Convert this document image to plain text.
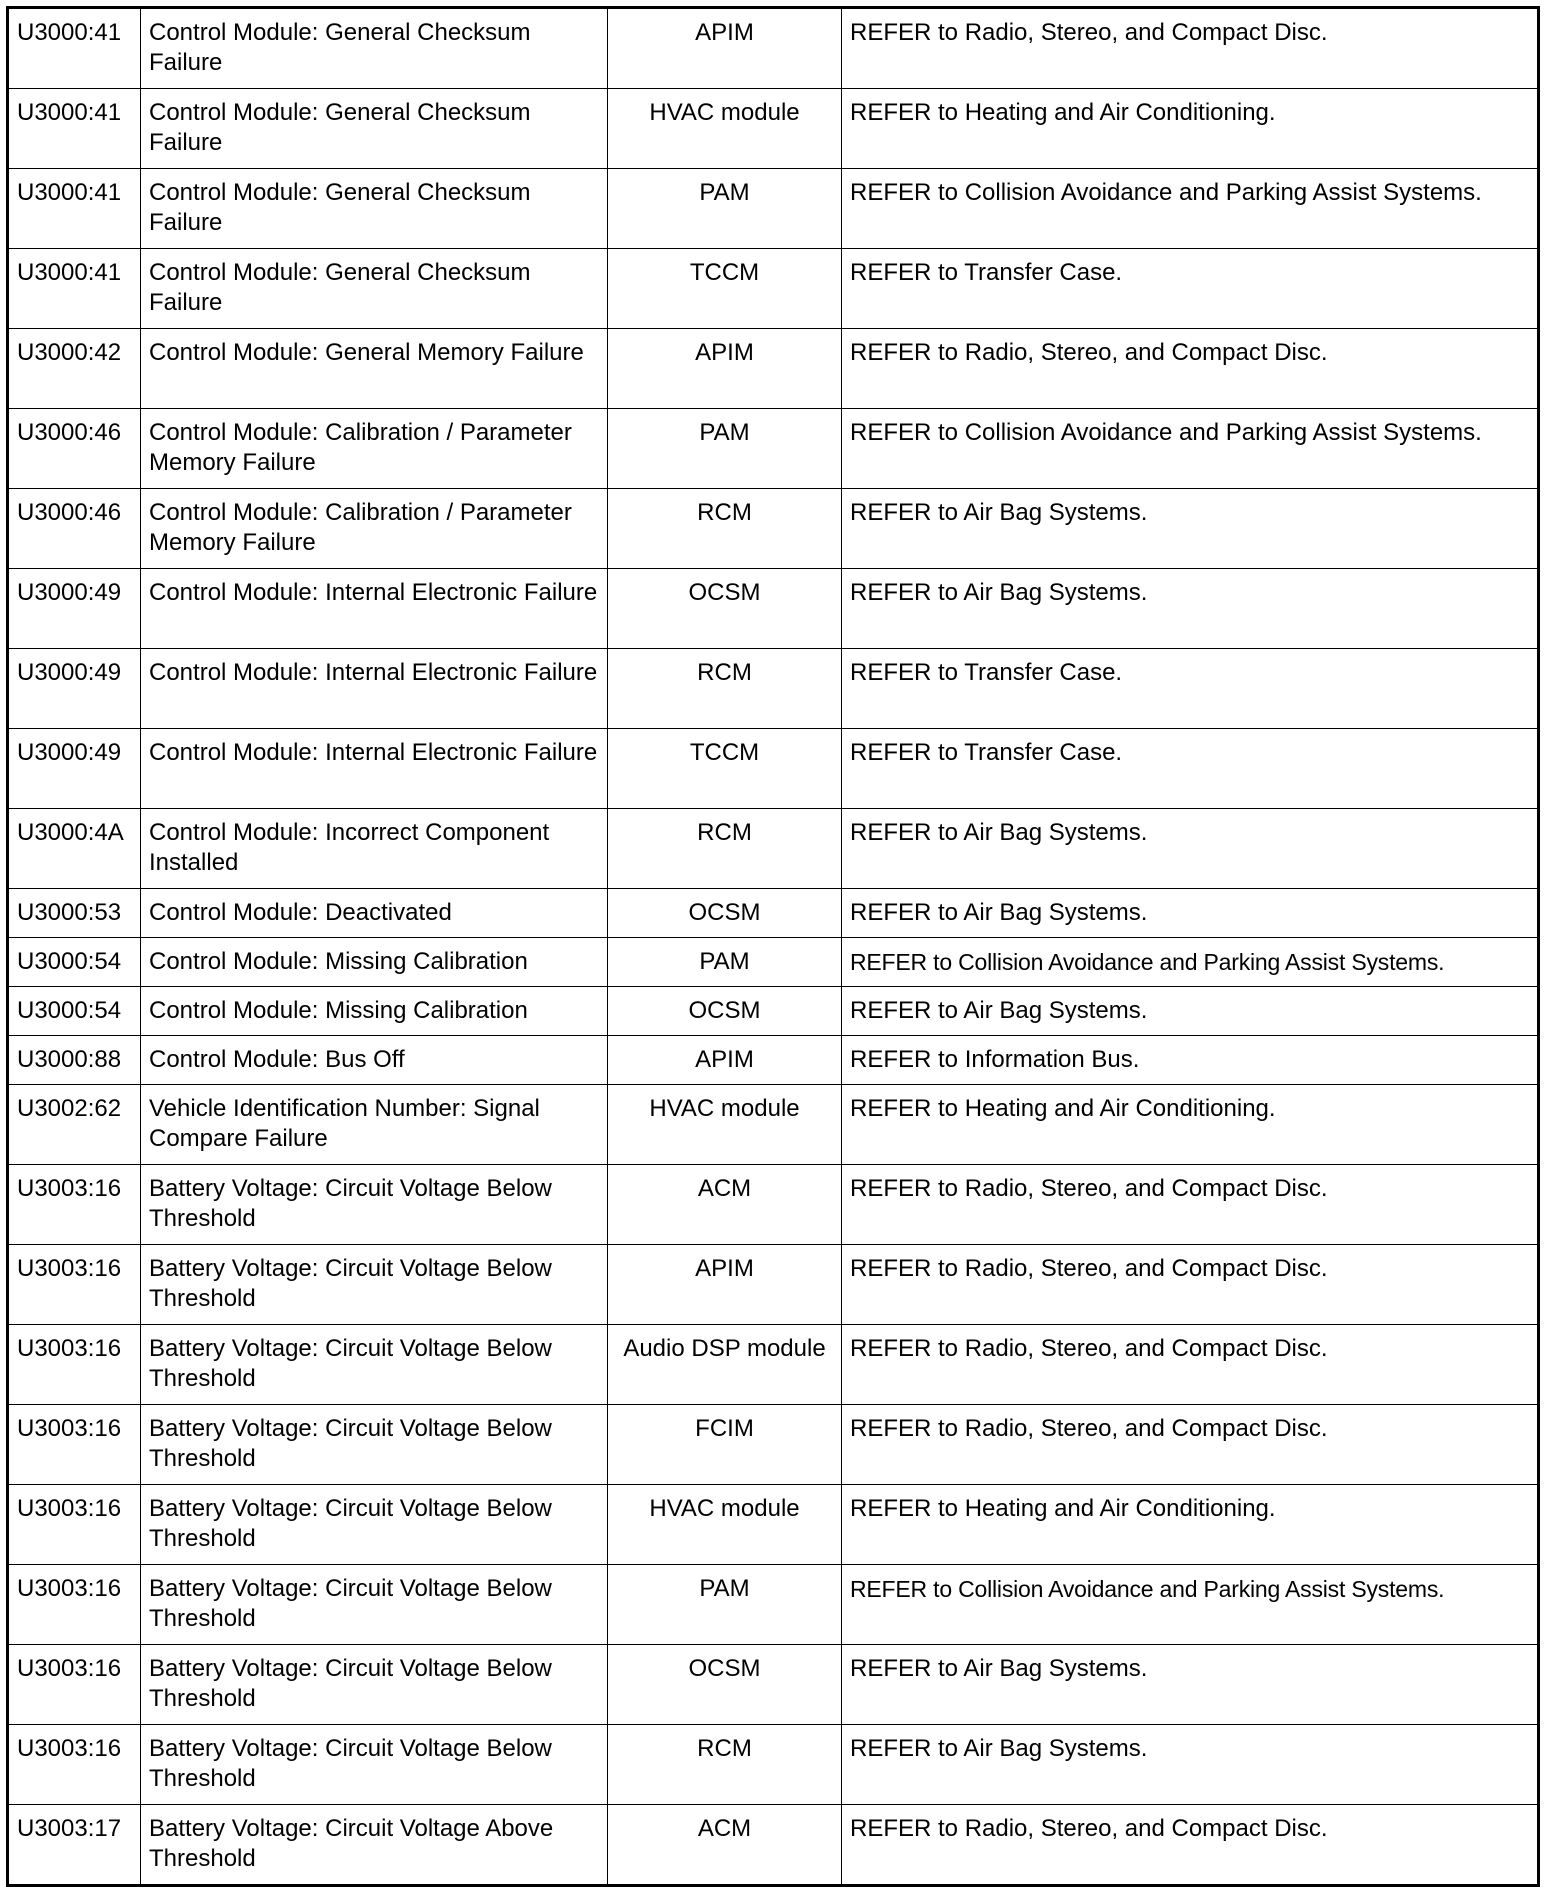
U3000:41	Control Module: General Checksum Failure	APIM	REFER to Radio, Stereo, and Compact Disc.
U3000:41	Control Module: General Checksum Failure	HVAC module	REFER to Heating and Air Conditioning.
U3000:41	Control Module: General Checksum Failure	PAM	REFER to Collision Avoidance and Parking Assist Systems.
U3000:41	Control Module: General Checksum Failure	TCCM	REFER to Transfer Case.
U3000:42	Control Module: General Memory Failure	APIM	REFER to Radio, Stereo, and Compact Disc.
U3000:46	Control Module: Calibration / Parameter Memory Failure	PAM	REFER to Collision Avoidance and Parking Assist Systems.
U3000:46	Control Module: Calibration / Parameter Memory Failure	RCM	REFER to Air Bag Systems.
U3000:49	Control Module: Internal Electronic Failure	OCSM	REFER to Air Bag Systems.
U3000:49	Control Module: Internal Electronic Failure	RCM	REFER to Transfer Case.
U3000:49	Control Module: Internal Electronic Failure	TCCM	REFER to Transfer Case.
U3000:4A	Control Module: Incorrect Component Installed	RCM	REFER to Air Bag Systems.
U3000:53	Control Module: Deactivated	OCSM	REFER to Air Bag Systems.
U3000:54	Control Module: Missing Calibration	PAM	REFER to Collision Avoidance and Parking Assist Systems.
U3000:54	Control Module: Missing Calibration	OCSM	REFER to Air Bag Systems.
U3000:88	Control Module: Bus Off	APIM	REFER to Information Bus.
U3002:62	Vehicle Identification Number: Signal Compare Failure	HVAC module	REFER to Heating and Air Conditioning.
U3003:16	Battery Voltage: Circuit Voltage Below Threshold	ACM	REFER to Radio, Stereo, and Compact Disc.
U3003:16	Battery Voltage: Circuit Voltage Below Threshold	APIM	REFER to Radio, Stereo, and Compact Disc.
U3003:16	Battery Voltage: Circuit Voltage Below Threshold	Audio DSP module	REFER to Radio, Stereo, and Compact Disc.
U3003:16	Battery Voltage: Circuit Voltage Below Threshold	FCIM	REFER to Radio, Stereo, and Compact Disc.
U3003:16	Battery Voltage: Circuit Voltage Below Threshold	HVAC module	REFER to Heating and Air Conditioning.
U3003:16	Battery Voltage: Circuit Voltage Below Threshold	PAM	REFER to Collision Avoidance and Parking Assist Systems.
U3003:16	Battery Voltage: Circuit Voltage Below Threshold	OCSM	REFER to Air Bag Systems.
U3003:16	Battery Voltage: Circuit Voltage Below Threshold	RCM	REFER to Air Bag Systems.
U3003:17	Battery Voltage: Circuit Voltage Above Threshold	ACM	REFER to Radio, Stereo, and Compact Disc.
